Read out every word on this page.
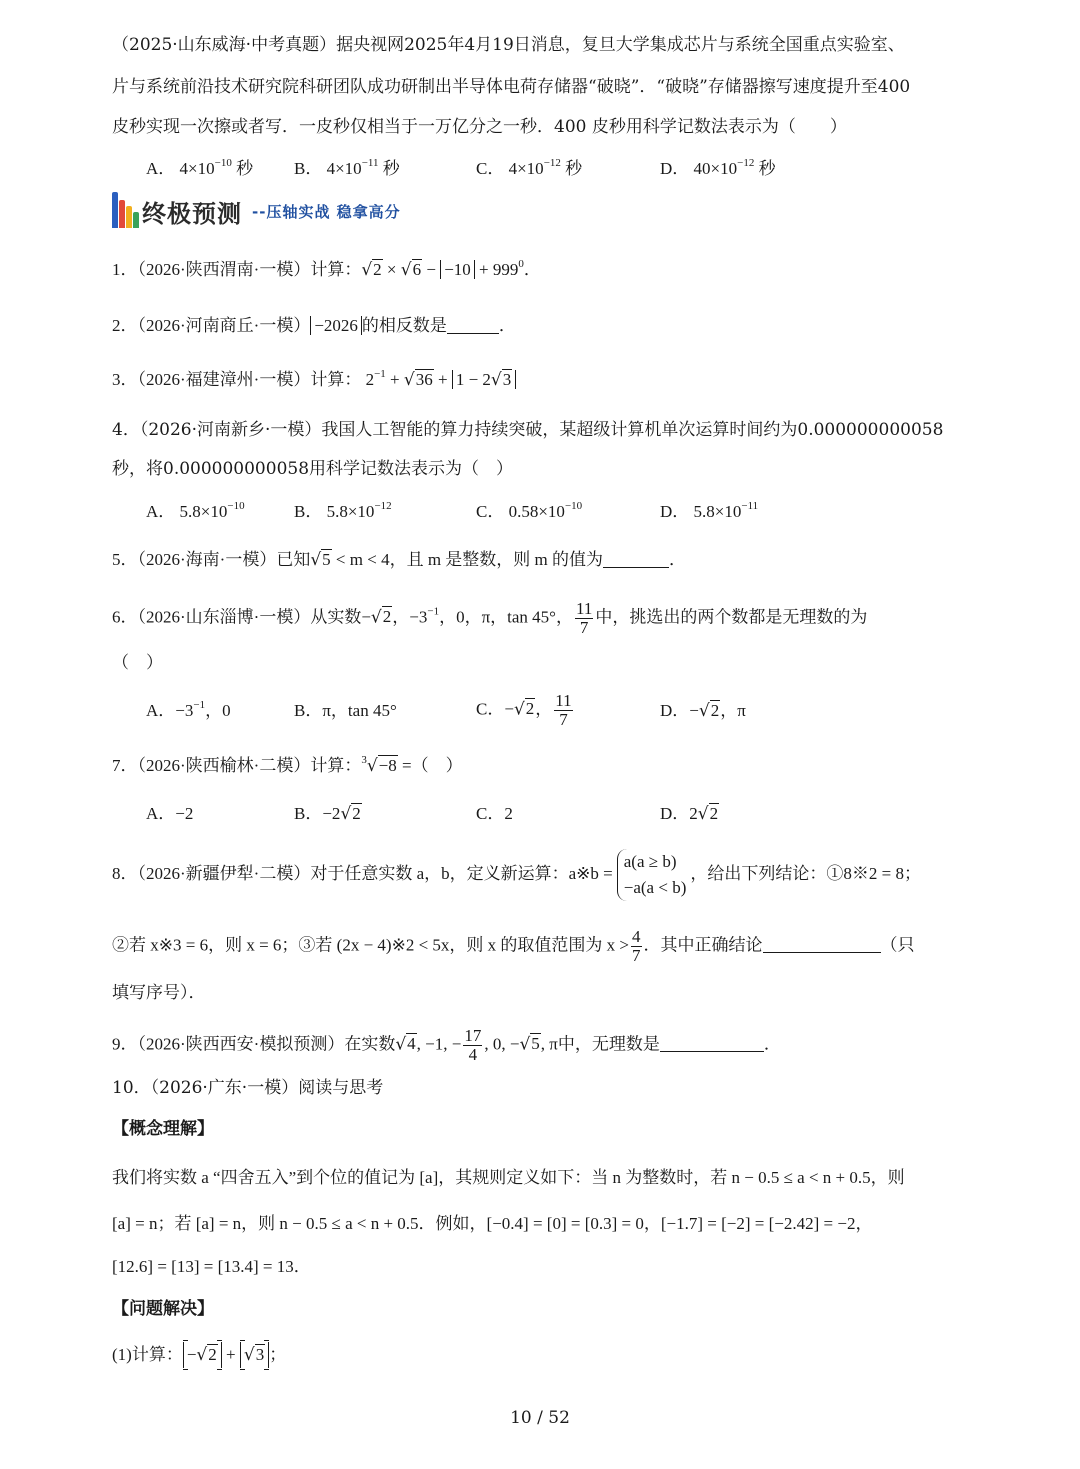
（2025·山东威海·中考真题）据央视网2025年4月19日消息，复旦大学集成芯片与系统全国重点实验室、
片与系统前沿技术研究院科研团队成功研制出半导体电荷存储器“破晓”．“破晓”存储器擦写速度提升至400
皮秒实现一次擦或者写．一皮秒仅相当于一万亿分之一秒．400 皮秒用科学记数法表示为（　　）
A． $4\times 10^{-10}$ 秒 B． $4\times 10^{-11}$ 秒	C． $4\times 10^{-12}$ 秒	D． $40\times 10^{-12}$ 秒
终极预测 --压轴实战 稳拿高分
1．（2026·陕西渭南·一模）计算：$√2 \times √6 - -10 + 999^0$．
2．（2026·河南商丘·一模） −2026 的相反数是	．
3．（2026·福建漳州·一模）计算： $2^{-1} + √36 + 1 - 2√3$
4．（2026·河南新乡·一模）我国人工智能的算力持续突破，某超级计算机单次运算时间约为0.000000000058
秒，将0.000000000058用科学记数法表示为（　）
A． $5.8\times 10^{-10}$	B． $5.8\times 10^{-12}$	C． $0.58\times 10^{-10}$	D． $5.8\times 10^{-11}$
5．（2026·海南·一模）已知√5 < m < 4，且 m 是整数，则 m 的值为	．
6．（2026·山东淄博·一模）从实数−√2，$-3^{-1}$，0，π，tan 45°， $\frac{11}{7}$ 中，挑选出的两个数都是无理数的为
（　）
A．$-3^{-1}$，0	B．π，tan 45°	C．−√2， $\frac{11}{7}$	D．−√2，π
7．（2026·陕西榆林·二模）计算：$^3$√−8 =（　）
A．−2	B．−2√2	C．2	D．2√2
8．（2026·新疆伊犁·二模）对于任意实数 a，b，定义新运算：a※b =
a(a ≥ b)
−a(a < b)
，给出下列结论：①8※2 = 8；
②若 x※3 = 6，则 x = 6；③若 (2x − 4)※2 < 5x，则 x 的取值范围为 $x > \frac{4}{7}$ ．其中正确结论	（只
填写序号）．
9．（2026·陕西西安·模拟预测）在实数√4, −1, − $\frac{17}{4}$ , 0, −√5, π中，无理数是	．
10．（2026·广东·一模）阅读与思考
【概念理解】
我们将实数 a “四舍五入”到个位的值记为 [a]，其规则定义如下：当 n 为整数时，若 n − 0.5 ≤ a < n + 0.5，则
[a] = n；若 [a] = n，则 n − 0.5 ≤ a < n + 0.5．例如，[−0.4] = [0] = [0.3] = 0，[−1.7] = [−2] = [−2.42] = −2，
[12.6] = [13] = [13.4] = 13．
【问题解决】
(1)计算： −√2 + √3 ；
10 / 52
